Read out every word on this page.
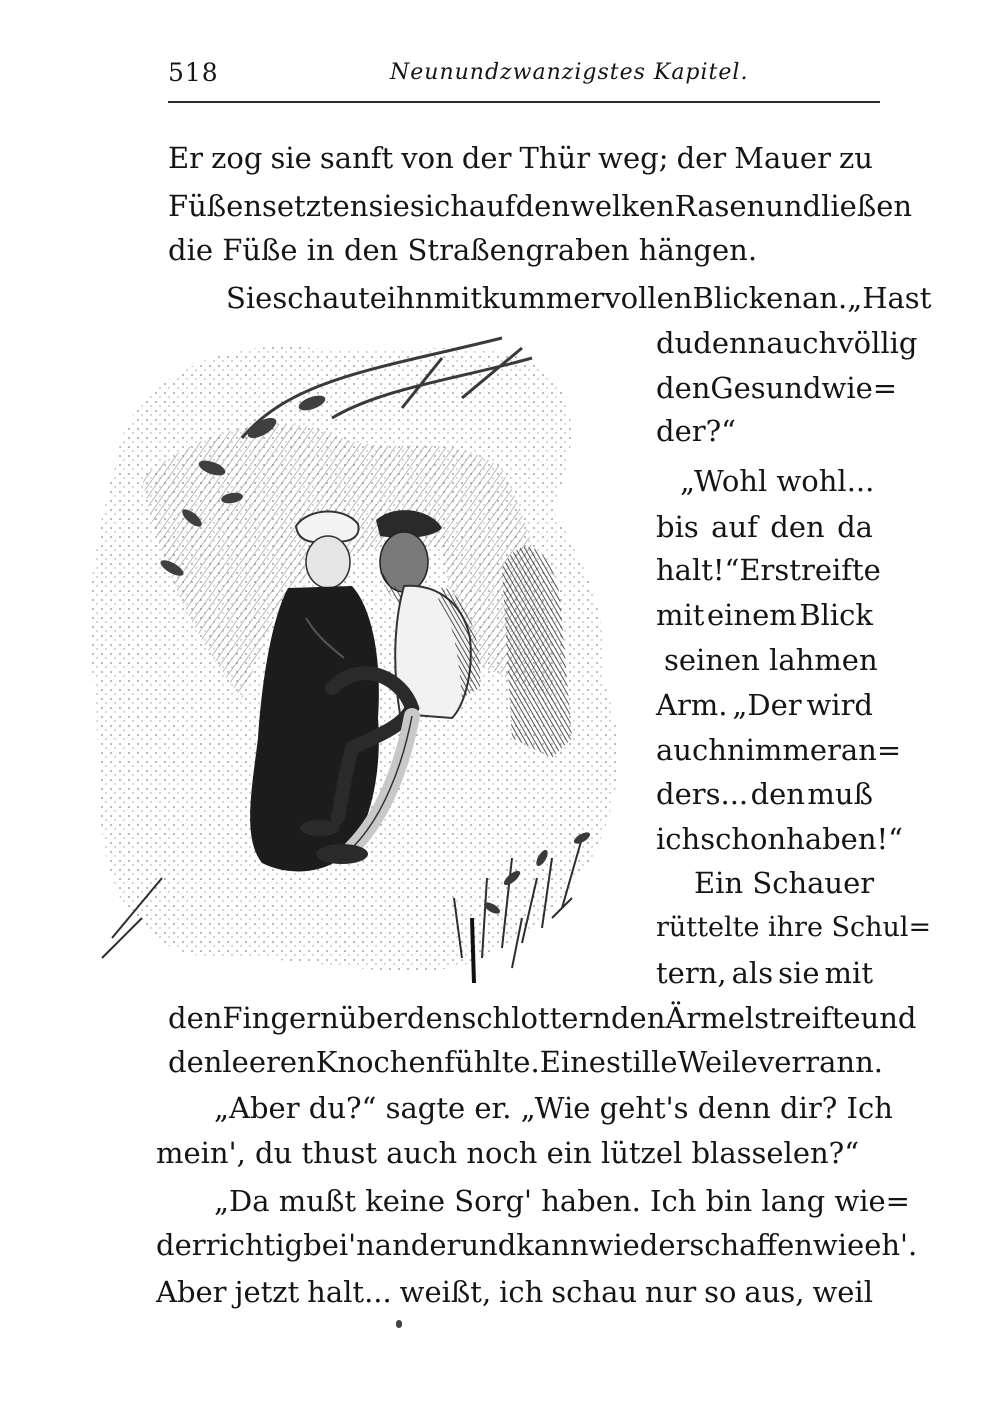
518	Neunundzwanzigstes Kapitel.
Er zog sie sanft von der Thür weg; der Mauer zu
Füßen setzten sie sich auf den welken Rasen und ließen
die Füße in den Straßengraben hängen.
Sie schaute ihn mit kummervollen Blicken an. „Hast
du denn auch völlig
den Gesund wie=
der?“
„Wohl wohl...
bis auf den da
halt!“ Er streifte
mit einem Blick
seinen lahmen
Arm. „Der wird
auch nimmer an=
ders... den muß
ich schon haben!“
Ein Schauer
rüttelte ihre Schul=
tern, als sie mit
den Fingern über den schlotternden Ärmel streifte und
den leeren Knochen fühlte. Eine stille Weile verrann.
„Aber du?“ sagte er. „Wie geht's denn dir? Ich
mein', du thust auch noch ein lützel blasselen?“
„Da mußt keine Sorg' haben. Ich bin lang wie=
der richtig bei'nander und kann wieder schaffen wie eh'.
Aber jetzt halt... weißt, ich schau nur so aus, weil
